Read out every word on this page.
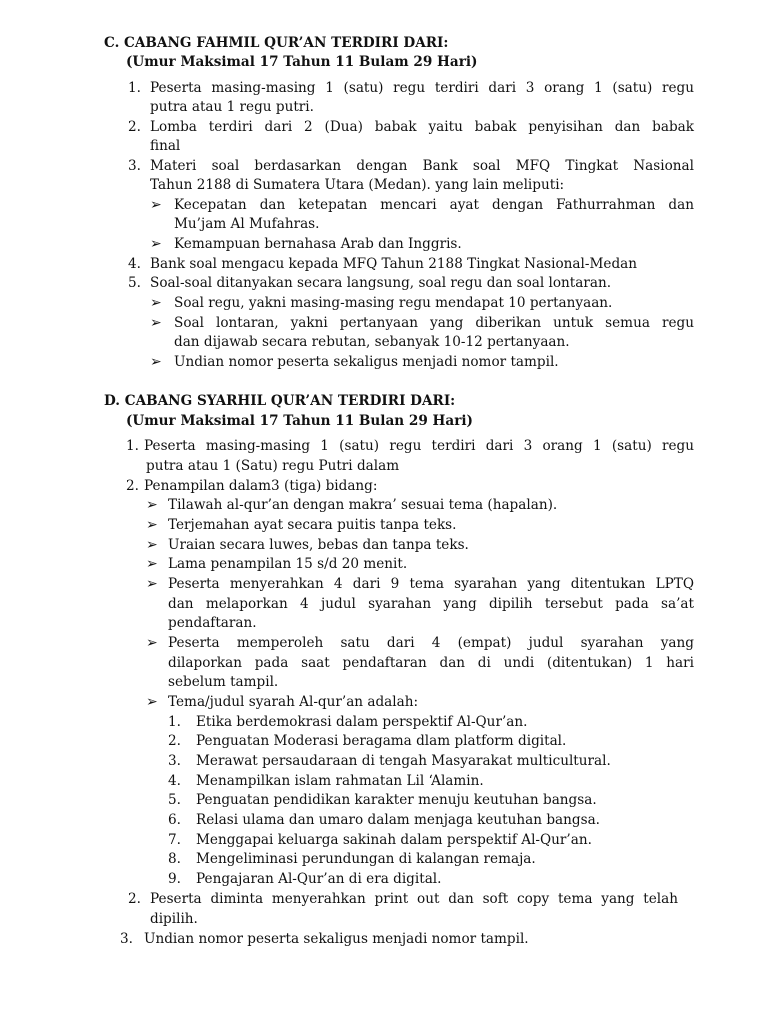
C. CABANG FAHMIL QUR’AN TERDIRI DARI:
(Umur Maksimal 17 Tahun 11 Bulam 29 Hari)
1. Peserta masing-masing 1 (satu) regu terdiri dari 3 orang 1 (satu) regu
putra atau 1 regu putri.
2. Lomba terdiri dari 2 (Dua) babak yaitu babak penyisihan dan babak
final
3. Materi soal berdasarkan dengan Bank soal MFQ Tingkat Nasional
Tahun 2188 di Sumatera Utara (Medan). yang lain meliputi:
➢ Kecepatan dan ketepatan mencari ayat dengan Fathurrahman dan
Mu’jam Al Mufahras.
➢ Kemampuan bernahasa Arab dan Inggris.
4. Bank soal mengacu kepada MFQ Tahun 2188 Tingkat Nasional-Medan
5. Soal-soal ditanyakan secara langsung, soal regu dan soal lontaran.
➢ Soal regu, yakni masing-masing regu mendapat 10 pertanyaan.
➢ Soal lontaran, yakni pertanyaan yang diberikan untuk semua regu
dan dijawab secara rebutan, sebanyak 10-12 pertanyaan.
➢ Undian nomor peserta sekaligus menjadi nomor tampil.
D. CABANG SYARHIL QUR’AN TERDIRI DARI:
(Umur Maksimal 17 Tahun 11 Bulan 29 Hari)
1. Peserta masing-masing 1 (satu) regu terdiri dari 3 orang 1 (satu) regu
putra atau 1 (Satu) regu Putri dalam
2. Penampilan dalam3 (tiga) bidang:
➢ Tilawah al-qur’an dengan makra’ sesuai tema (hapalan).
➢ Terjemahan ayat secara puitis tanpa teks.
➢ Uraian secara luwes, bebas dan tanpa teks.
➢ Lama penampilan 15 s/d 20 menit.
➢ Peserta menyerahkan 4 dari 9 tema syarahan yang ditentukan LPTQ
dan melaporkan 4 judul syarahan yang dipilih tersebut pada sa’at
pendaftaran.
➢ Peserta memperoleh satu dari 4 (empat) judul syarahan yang
dilaporkan pada saat pendaftaran dan di undi (ditentukan) 1 hari
sebelum tampil.
➢ Tema/judul syarah Al-qur’an adalah:
1. Etika berdemokrasi dalam perspektif Al-Qur’an.
2. Penguatan Moderasi beragama dlam platform digital.
3. Merawat persaudaraan di tengah Masyarakat multicultural.
4. Menampilkan islam rahmatan Lil ‘Alamin.
5. Penguatan pendidikan karakter menuju keutuhan bangsa.
6. Relasi ulama dan umaro dalam menjaga keutuhan bangsa.
7. Menggapai keluarga sakinah dalam perspektif Al-Qur’an.
8. Mengeliminasi perundungan di kalangan remaja.
9. Pengajaran Al-Qur’an di era digital.
2. Peserta diminta menyerahkan print out dan soft copy tema yang telah
dipilih.
3. Undian nomor peserta sekaligus menjadi nomor tampil.
